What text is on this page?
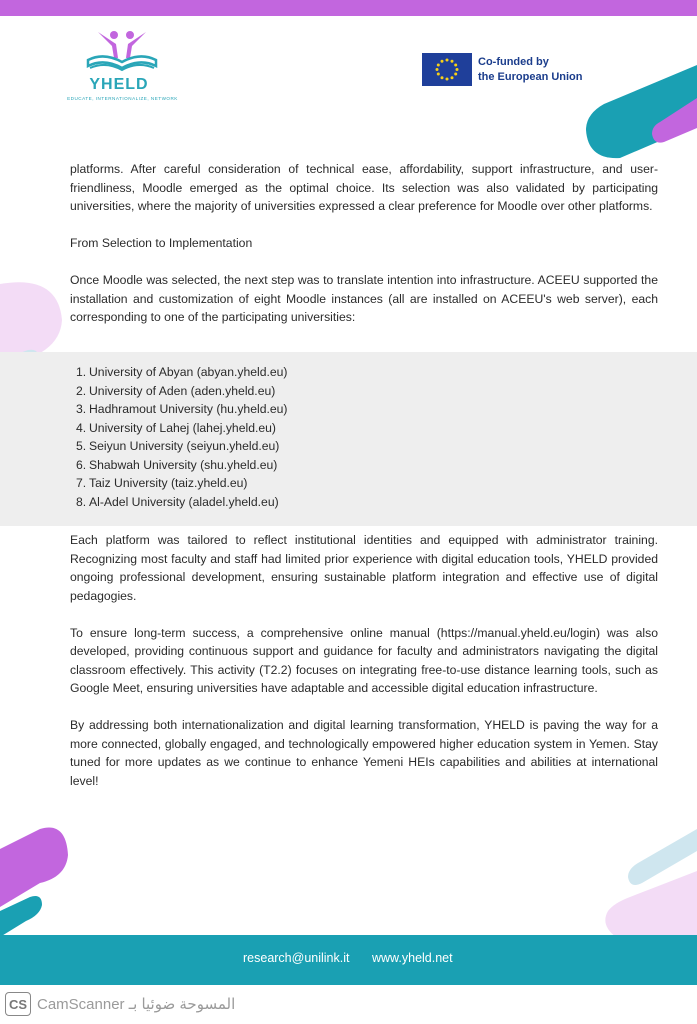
YHELD
EDUCATE, INTERNATIONALIZE, NETWORK
Co-funded by
the European Union

platforms. After careful consideration of technical ease, affordability, support infrastructure, and user-friendliness, Moodle emerged as the optimal choice. Its selection was also validated by participating universities, where the majority of universities expressed a clear preference for Moodle over other platforms.

From Selection to Implementation

Once Moodle was selected, the next step was to translate intention into infrastructure. ACEEU supported the installation and customization of eight Moodle instances (all are installed on ACEEU's web server), each corresponding to one of the participating universities:

1. University of Abyan (abyan.yheld.eu)
2. University of Aden (aden.yheld.eu)
3. Hadhramout University (hu.yheld.eu)
4. University of Lahej (lahej.yheld.eu)
5. Seiyun University (seiyun.yheld.eu)
6. Shabwah University (shu.yheld.eu)
7. Taiz University (taiz.yheld.eu)
8. Al-Adel University (aladel.yheld.eu)

Each platform was tailored to reflect institutional identities and equipped with administrator training. Recognizing most faculty and staff had limited prior experience with digital education tools, YHELD provided ongoing professional development, ensuring sustainable platform integration and effective use of digital pedagogies.

To ensure long-term success, a comprehensive online manual (https://manual.yheld.eu/login) was also developed, providing continuous support and guidance for faculty and administrators navigating the digital classroom effectively. This activity (T2.2) focuses on integrating free-to-use distance learning tools, such as Google Meet, ensuring universities have adaptable and accessible digital education infrastructure.

By addressing both internationalization and digital learning transformation, YHELD is paving the way for a more connected, globally engaged, and technologically empowered higher education system in Yemen. Stay tuned for more updates as we continue to enhance Yemeni HEIs capabilities and abilities at international level!

research@unilink.it www.yheld.net
CS CamScanner المسوحة ضوئيا بـ
